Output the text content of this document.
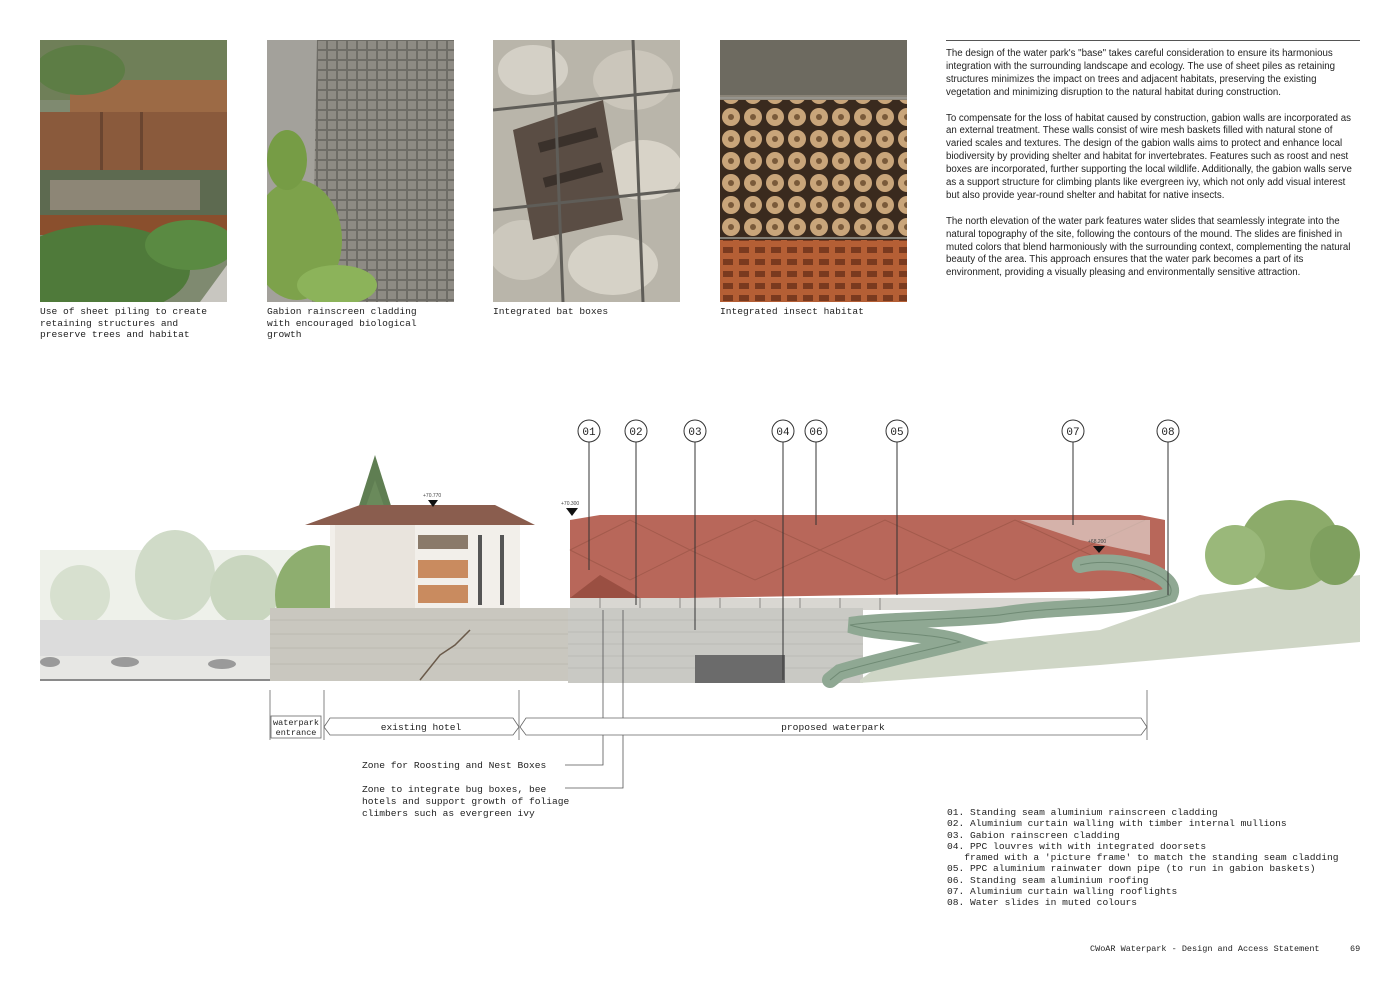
Use of sheet piling to create
retaining structures and
preserve trees and habitat
Gabion rainscreen cladding
with encouraged biological
growth
Integrated bat boxes	Integrated insect habitat

The design of the water park's "base" takes careful consideration to ensure its harmonious integration with the surrounding landscape and ecology. The use of sheet piles as retaining structures minimizes the impact on trees and adjacent habitats, preserving the existing vegetation and minimizing disruption to the natural habitat during construction.

To compensate for the loss of habitat caused by construction, gabion walls are incorporated as an external treatment. These walls consist of wire mesh baskets filled with natural stone of varied scales and textures. The design of the gabion walls aims to protect and enhance local biodiversity by providing shelter and habitat for invertebrates. Features such as roost and nest boxes are incorporated, further supporting the local wildlife. Additionally, the gabion walls serve as a support structure for climbing plants like evergreen ivy, which not only add visual interest but also provide year-round shelter and habitat for native insects.

The north elevation of the water park features water slides that seamlessly integrate into the natural topography of the site, following the contours of the mound. The slides are finished in muted colors that blend harmoniously with the surrounding context, complementing the natural beauty of the area. This approach ensures that the water park becomes a part of its environment, providing a visually pleasing and environmentally sensitive attraction.

01	02	03	04 06	05	07	08
+70.770
+70.300
+68.200
waterpark
entrance	existing hotel	proposed waterpark
Zone for Roosting and Nest Boxes
Zone to integrate bug boxes, bee
hotels and support growth of foliage
climbers such as evergreen ivy	01. Standing seam aluminium rainscreen cladding
02. Aluminium curtain walling with timber internal mullions
03. Gabion rainscreen cladding
04. PPC louvres with with integrated doorsets
framed with a 'picture frame' to match the standing seam cladding
05. PPC aluminium rainwater down pipe (to run in gabion baskets)
06. Standing seam aluminium roofing
07. Aluminium curtain walling rooflights
08. Water slides in muted colours
CWoAR Waterpark - Design and Access Statement	69
